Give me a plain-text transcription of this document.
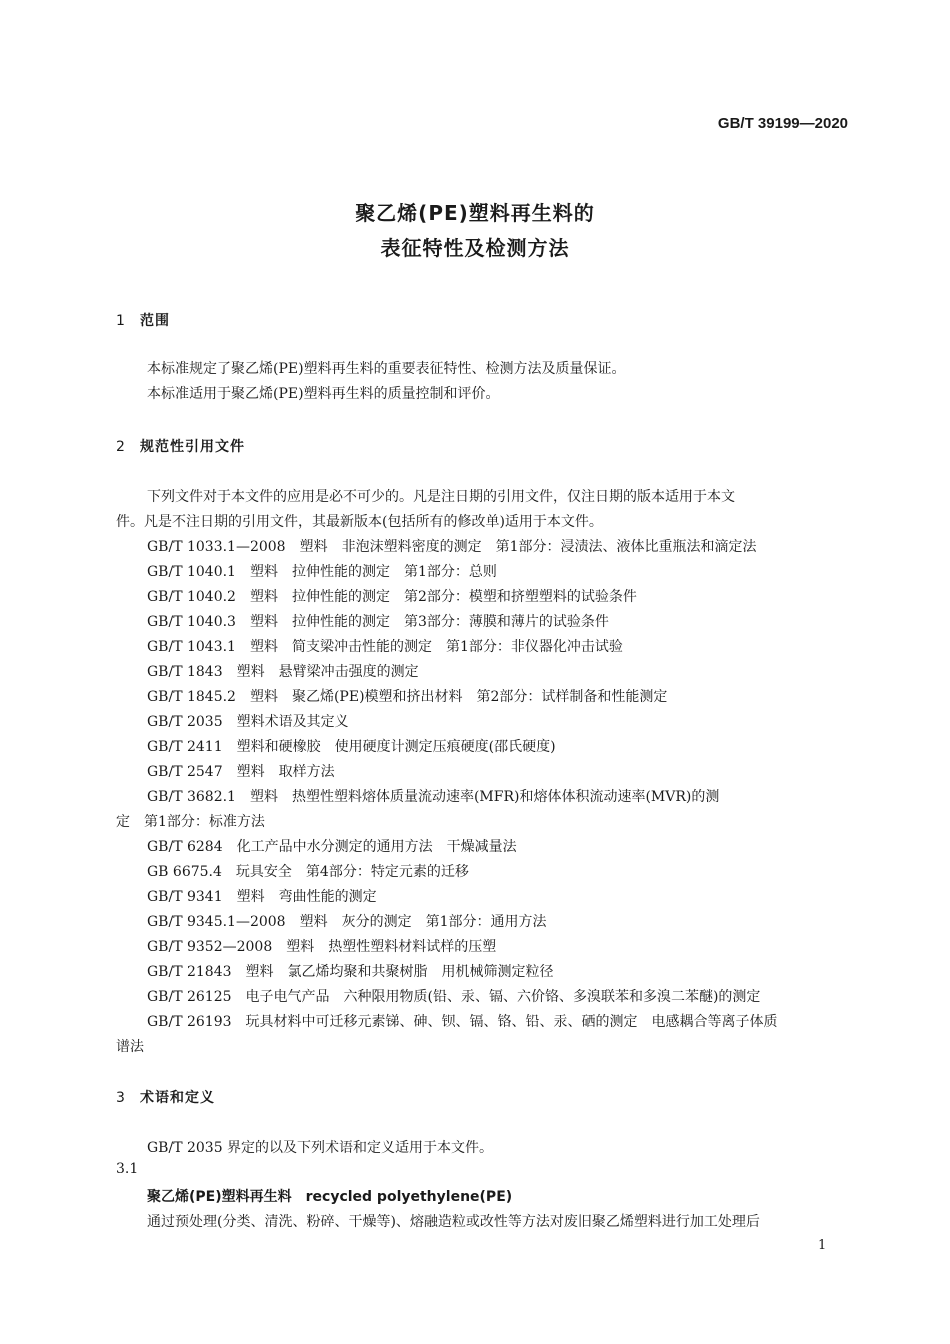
GB/T 39199—2020
聚乙烯(PE)塑料再生料的
表征特性及检测方法
1 范围
本标准规定了聚乙烯(PE)塑料再生料的重要表征特性、检测方法及质量保证。
本标准适用于聚乙烯(PE)塑料再生料的质量控制和评价。
2 规范性引用文件
下列文件对于本文件的应用是必不可少的。凡是注日期的引用文件，仅注日期的版本适用于本文
件。凡是不注日期的引用文件，其最新版本(包括所有的修改单)适用于本文件。
GB/T 1033.1—2008　塑料　非泡沫塑料密度的测定　第1部分：浸渍法、液体比重瓶法和滴定法
GB/T 1040.1　塑料　拉伸性能的测定　第1部分：总则
GB/T 1040.2　塑料　拉伸性能的测定　第2部分：模塑和挤塑塑料的试验条件
GB/T 1040.3　塑料　拉伸性能的测定　第3部分：薄膜和薄片的试验条件
GB/T 1043.1　塑料　简支梁冲击性能的测定　第1部分：非仪器化冲击试验
GB/T 1843　塑料　悬臂梁冲击强度的测定
GB/T 1845.2　塑料　聚乙烯(PE)模塑和挤出材料　第2部分：试样制备和性能测定
GB/T 2035　塑料术语及其定义
GB/T 2411　塑料和硬橡胶　使用硬度计测定压痕硬度(邵氏硬度)
GB/T 2547　塑料　取样方法
GB/T 3682.1　塑料　热塑性塑料熔体质量流动速率(MFR)和熔体体积流动速率(MVR)的测
定　第1部分：标准方法
GB/T 6284　化工产品中水分测定的通用方法　干燥减量法
GB 6675.4　玩具安全　第4部分：特定元素的迁移
GB/T 9341　塑料　弯曲性能的测定
GB/T 9345.1—2008　塑料　灰分的测定　第1部分：通用方法
GB/T 9352—2008　塑料　热塑性塑料材料试样的压塑
GB/T 21843　塑料　氯乙烯均聚和共聚树脂　用机械筛测定粒径
GB/T 26125　电子电气产品　六种限用物质(铅、汞、镉、六价铬、多溴联苯和多溴二苯醚)的测定
GB/T 26193　玩具材料中可迁移元素锑、砷、钡、镉、铬、铅、汞、硒的测定　电感耦合等离子体质
谱法
3 术语和定义
GB/T 2035 界定的以及下列术语和定义适用于本文件。
3.1
聚乙烯(PE)塑料再生料　recycled polyethylene(PE)
通过预处理(分类、清洗、粉碎、干燥等)、熔融造粒或改性等方法对废旧聚乙烯塑料进行加工处理后
1
